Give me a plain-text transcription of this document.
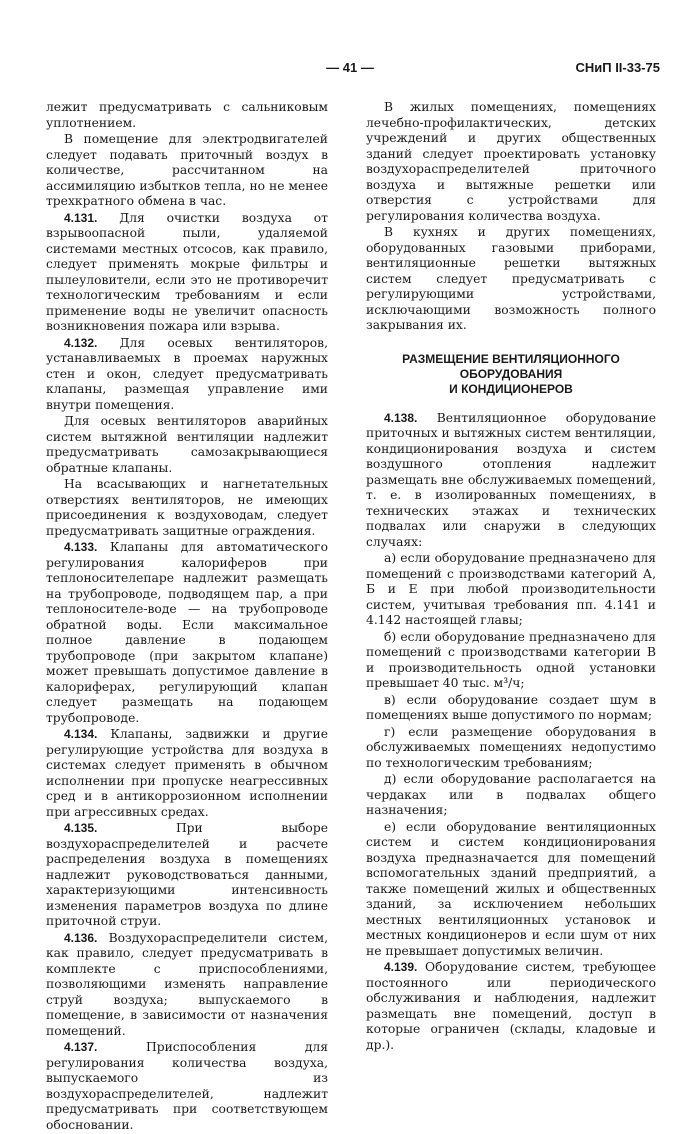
— 41 —	СНиП II-33-75

лежит предусматривать с сальниковым уплотнением.

В помещение для электродвигателей следует подавать приточный воздух в количестве, рассчитанном на ассимиляцию избытков тепла, но не менее трехкратного обмена в час.

4.131. Для очистки воздуха от взрывоопасной пыли, удаляемой системами местных отсосов, как правило, следует применять мокрые фильтры и пылеуловители, если это не противоречит технологическим требованиям и если применение воды не увеличит опасность возникновения пожара или взрыва.

4.132. Для осевых вентиляторов, устанавливаемых в проемах наружных стен и окон, следует предусматривать клапаны, размещая управление ими внутри помещения.

Для осевых вентиляторов аварийных систем вытяжной вентиляции надлежит предусматривать самозакрывающиеся обратные клапаны.

На всасывающих и нагнетательных отверстиях вентиляторов, не имеющих присоединения к воздуховодам, следует предусматривать защитные ограждения.

4.133. Клапаны для автоматического регулирования калориферов при теплоносителепаре надлежит размещать на трубопроводе, подводящем пар, а при теплоносителе-воде — на трубопроводе обратной воды. Если максимальное полное давление в подающем трубопроводе (при закрытом клапане) может превышать допустимое давление в калориферах, регулирующий клапан следует размещать на подающем трубопроводе.

4.134. Клапаны, задвижки и другие регулирующие устройства для воздуха в системах следует применять в обычном исполнении при пропуске неагрессивных сред и в антикоррозионном исполнении при агрессивных средах.

4.135.	При выборе воздухораспределителей и расчете распределения воздуха в помещениях надлежит руководствоваться данными, характеризующими интенсивность изменения параметров воздуха по длине приточной струи.

4.136. Воздухораспределители систем, как правило, следует предусматривать в комплекте с приспособлениями, позволяющими изменять направление струй воздуха; выпускаемого в помещение, в зависимости от назначения помещений.

4.137.	Приспособления для регулирования количества воздуха, выпускаемого из воздухораспределителей, надлежит предусматривать при соответствующем обосновании.

В жилых помещениях, помещениях лечебно-профилактических, детских учреждений и других общественных зданий следует проектировать установку воздухораспределителей приточного воздуха и вытяжные решетки или отверстия с устройствами для регулирования количества воздуха.

В кухнях и других помещениях, оборудованных газовыми приборами, вентиляционные решетки вытяжных систем следует предусматривать с регулирующими устройствами, исключающими возможность полного закрывания их.

РАЗМЕЩЕНИЕ ВЕНТИЛЯЦИОННОГО
ОБОРУДОВАНИЯ
И КОНДИЦИОНЕРОВ

4.138. Вентиляционное оборудование приточных и вытяжных систем вентиляции, кондиционирования воздуха и систем воздушного отопления надлежит размещать вне обслуживаемых помещений, т. е. в изолированных помещениях, в технических этажах и технических подвалах или снаружи в следующих случаях:

а) если оборудование предназначено для помещений с производствами категорий А, Б и Е при любой производительности систем, учитывая требования пп. 4.141 и 4.142 настоящей главы;

б) если оборудование предназначено для помещений с производствами категории В и производительность одной установки превышает 40 тыс. м³/ч;

в) если оборудование создает шум в помещениях выше допустимого по нормам;

г) если размещение оборудования в обслуживаемых помещениях недопустимо по технологическим требованиям;

д) если оборудование располагается на чердаках или в подвалах общего назначения;

е) если оборудование вентиляционных систем и систем кондиционирования воздуха предназначается для помещений вспомогательных зданий предприятий, а также помещений жилых и общественных зданий, за исключением небольших местных вентиляционных установок и местных кондиционеров и если шум от них не превышает допустимых величин.

4.139. Оборудование систем, требующее постоянного или периодического обслуживания и наблюдения, надлежит размещать вне помещений, доступ в которые ограничен (склады, кладовые и др.).
